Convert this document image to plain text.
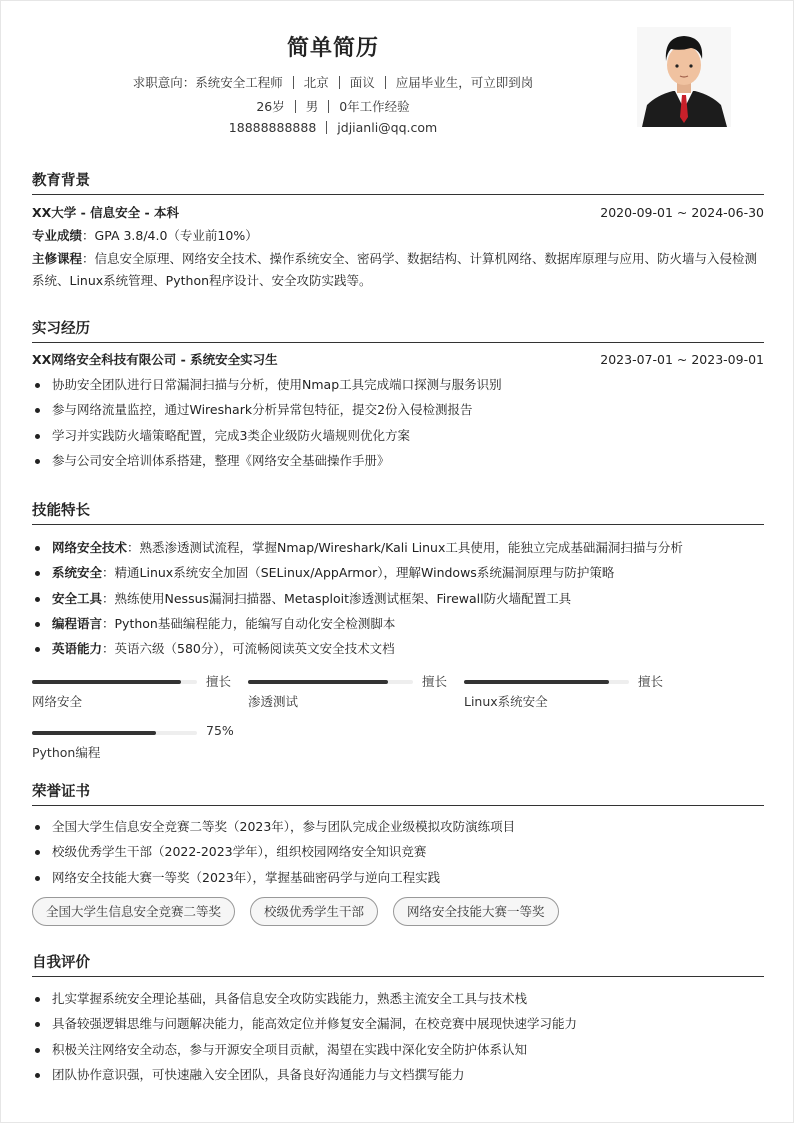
简单简历
求职意向：系统安全工程师 北京 面议 应届毕业生，可立即到岗
26岁 男 0年工作经验
18888888888 jdjianli@qq.com
教育背景
XX大学 - 信息安全 - 本科	2020-09-01 ~ 2024-06-30
专业成绩：GPA 3.8/4.0（专业前10%）
主修课程：信息安全原理、网络安全技术、操作系统安全、密码学、数据结构、计算机网络、数据库原理与应用、防火墙与入侵检测系统、Linux系统管理、Python程序设计、安全攻防实践等。
实习经历
XX网络安全科技有限公司 - 系统安全实习生	2023-07-01 ~ 2023-09-01
协助安全团队进行日常漏洞扫描与分析，使用Nmap工具完成端口探测与服务识别
参与网络流量监控，通过Wireshark分析异常包特征，提交2份入侵检测报告
学习并实践防火墙策略配置，完成3类企业级防火墙规则优化方案
参与公司安全培训体系搭建，整理《网络安全基础操作手册》
技能特长
网络安全技术：熟悉渗透测试流程，掌握Nmap/Wireshark/Kali Linux工具使用，能独立完成基础漏洞扫描与分析
系统安全：精通Linux系统安全加固（SELinux/AppArmor），理解Windows系统漏洞原理与防护策略
安全工具：熟练使用Nessus漏洞扫描器、Metasploit渗透测试框架、Firewall防火墙配置工具
编程语言：Python基础编程能力，能编写自动化安全检测脚本
英语能力：英语六级（580分），可流畅阅读英文安全技术文档
擅长
网络安全
擅长
渗透测试
擅长
Linux系统安全
75%
Python编程
荣誉证书
全国大学生信息安全竞赛二等奖（2023年），参与团队完成企业级模拟攻防演练项目
校级优秀学生干部（2022-2023学年），组织校园网络安全知识竞赛
网络安全技能大赛一等奖（2023年），掌握基础密码学与逆向工程实践
全国大学生信息安全竞赛二等奖	校级优秀学生干部	网络安全技能大赛一等奖
自我评价
扎实掌握系统安全理论基础，具备信息安全攻防实践能力，熟悉主流安全工具与技术栈
具备较强逻辑思维与问题解决能力，能高效定位并修复安全漏洞，在校竞赛中展现快速学习能力
积极关注网络安全动态，参与开源安全项目贡献，渴望在实践中深化安全防护体系认知
团队协作意识强，可快速融入安全团队，具备良好沟通能力与文档撰写能力
